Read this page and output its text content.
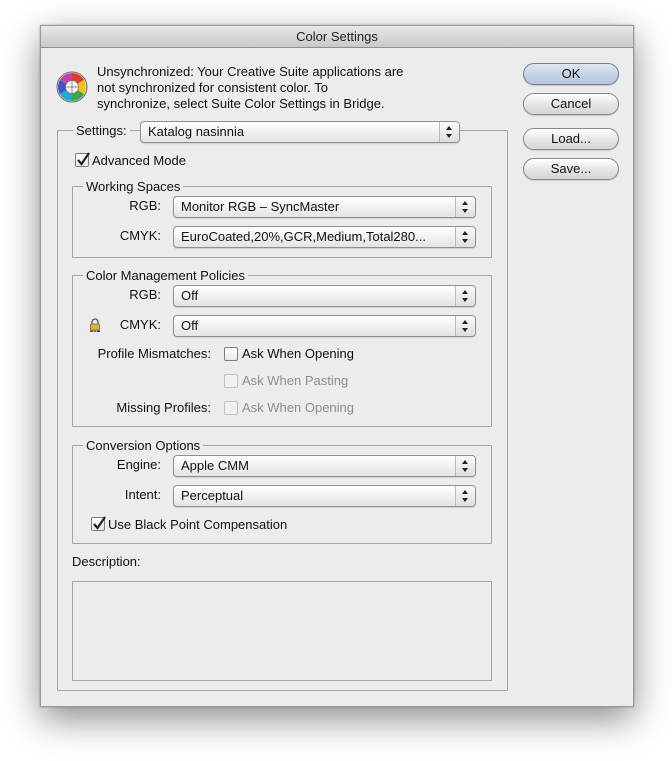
Color Settings
Unsynchronized: Your Creative Suite applications are
not synchronized for consistent color. To
synchronize, select Suite Color Settings in Bridge.
OK
Cancel
Load...
Save...
Settings: Katalog nasinnia
Advanced Mode
Working Spaces
RGB: Monitor RGB – SyncMaster
CMYK: EuroCoated,20%,GCR,Medium,Total280...
Color Management Policies
RGB: Off
CMYK: Off
Profile Mismatches: Ask When Opening
Ask When Pasting
Missing Profiles: Ask When Opening
Conversion Options
Engine: Apple CMM
Intent: Perceptual
Use Black Point Compensation
Description:
